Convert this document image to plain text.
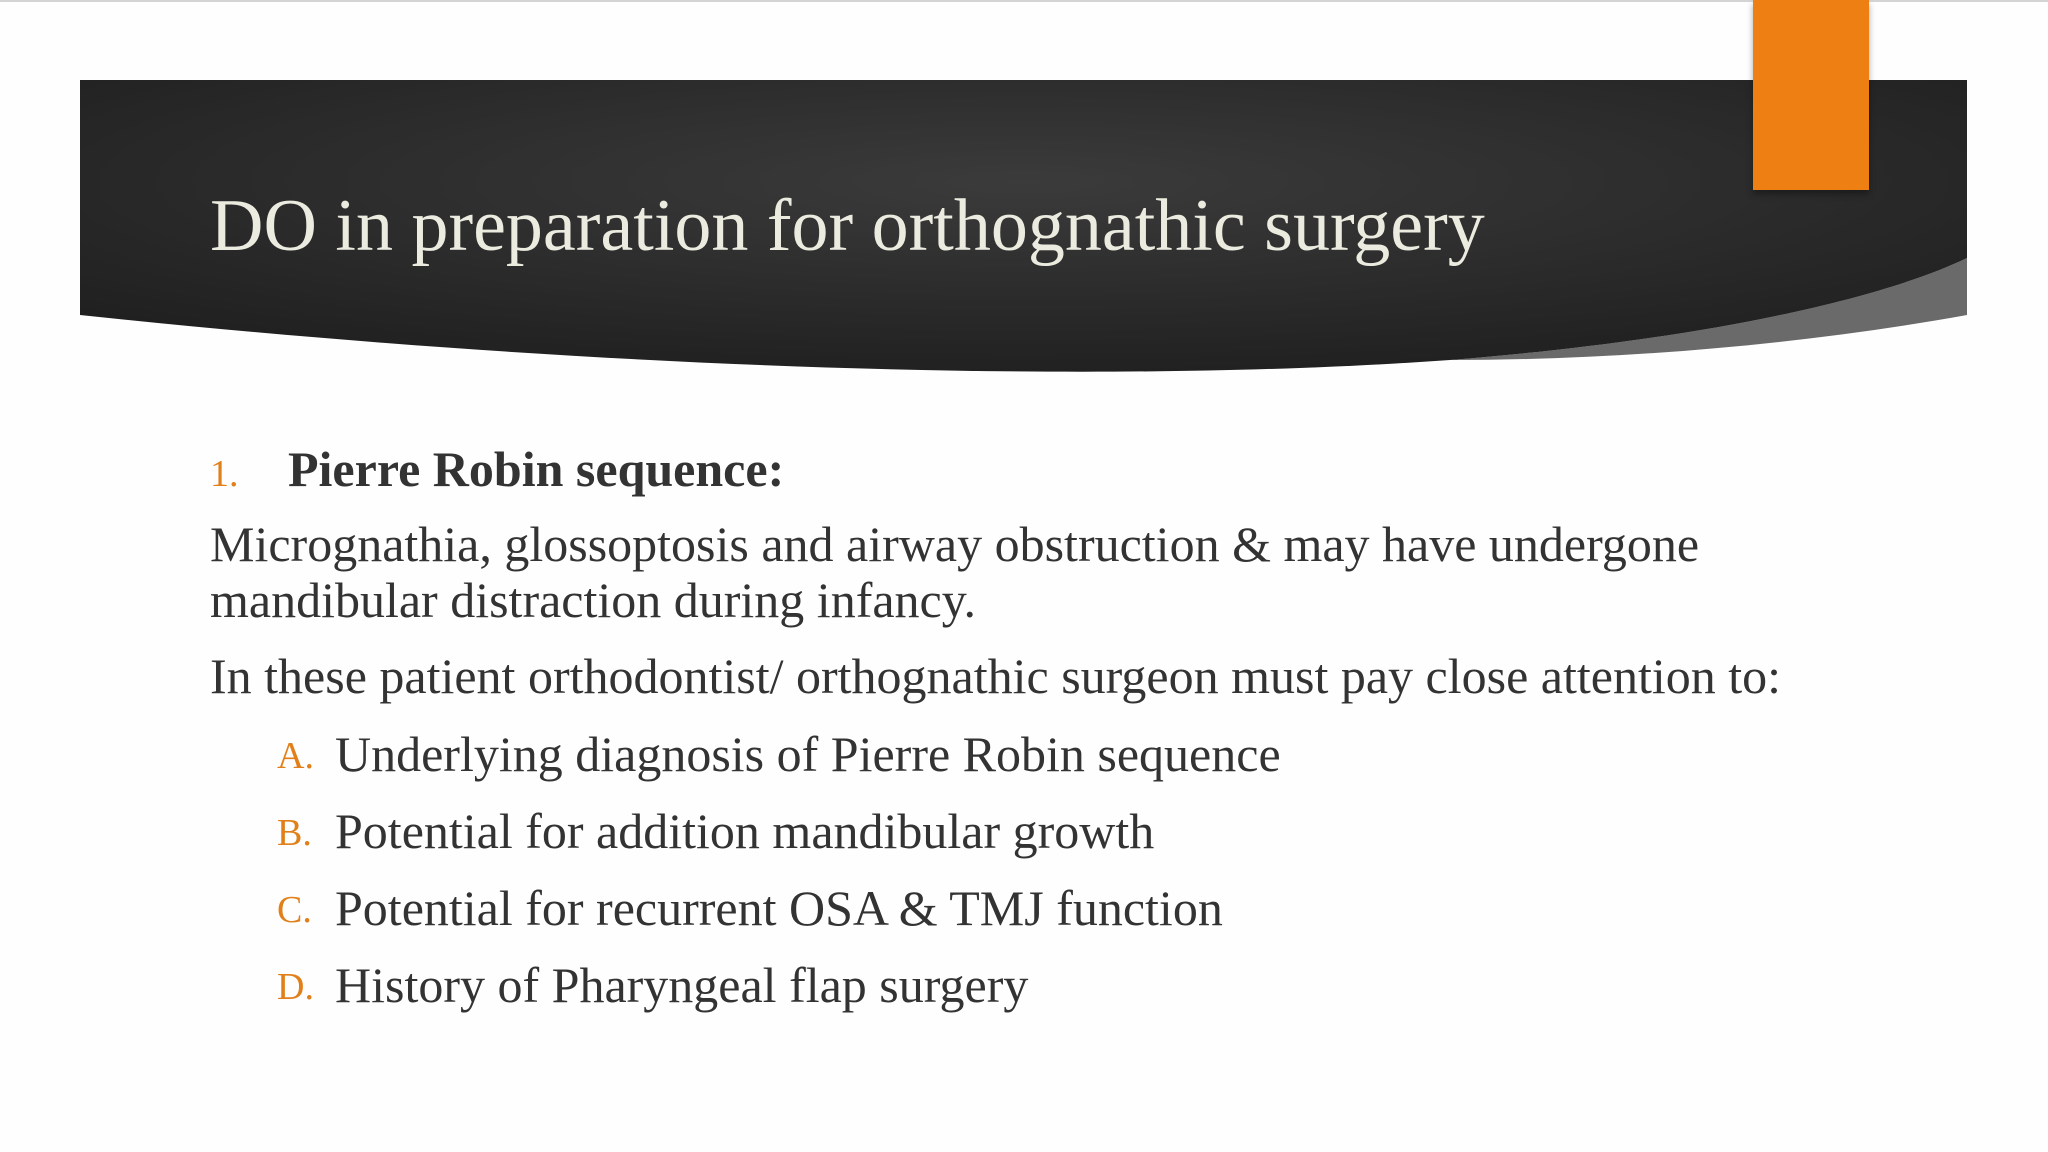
DO in preparation for orthognathic surgery
1. Pierre Robin sequence:

Micrognathia, glossoptosis and airway obstruction & may have undergone mandibular distraction during infancy.

In these patient orthodontist/ orthognathic surgeon must pay close attention to:

A. Underlying diagnosis of Pierre Robin sequence
B. Potential for addition mandibular growth
C. Potential for recurrent OSA & TMJ function
D. History of Pharyngeal flap surgery
